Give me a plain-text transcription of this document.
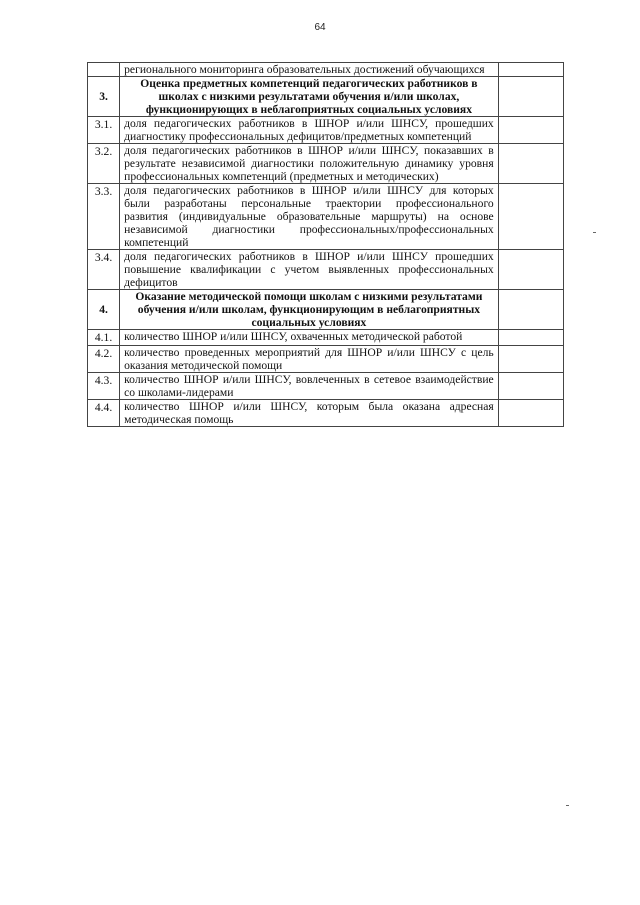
64
	регионального мониторинга образовательных достижений обучающихся	
3.	Оценка предметных компетенций педагогических работников в школах с низкими результатами обучения и/или школах, функционирующих в неблагоприятных социальных условиях	
3.1.	доля педагогических работников в ШНОР и/или ШНСУ, прошедших диагностику профессиональных дефицитов/предметных компетенций	
3.2.	доля педагогических работников в ШНОР и/или ШНСУ, показавших в результате независимой диагностики положительную динамику уровня профессиональных компетенций (предметных и методических)	
3.3.	доля педагогических работников в ШНОР и/или ШНСУ для которых были разработаны персональные траектории профессионального развития (индивидуальные образовательные маршруты) на основе независимой диагностики профессиональных/профессиональных компетенций	
3.4.	доля педагогических работников в ШНОР и/или ШНСУ прошедших повышение квалификации с учетом выявленных профессиональных дефицитов	
4.	Оказание методической помощи школам с низкими результатами обучения и/или школам, функционирующим в неблагоприятных социальных условиях	
4.1.	количество ШНОР и/или ШНСУ, охваченных методической работой	
4.2.	количество проведенных мероприятий для ШНОР и/или ШНСУ с цель оказания методической помощи	
4.3.	количество ШНОР и/или ШНСУ, вовлеченных в сетевое взаимодействие со школами-лидерами	
4.4.	количество ШНОР и/или ШНСУ, которым была оказана адресная методическая помощь	
